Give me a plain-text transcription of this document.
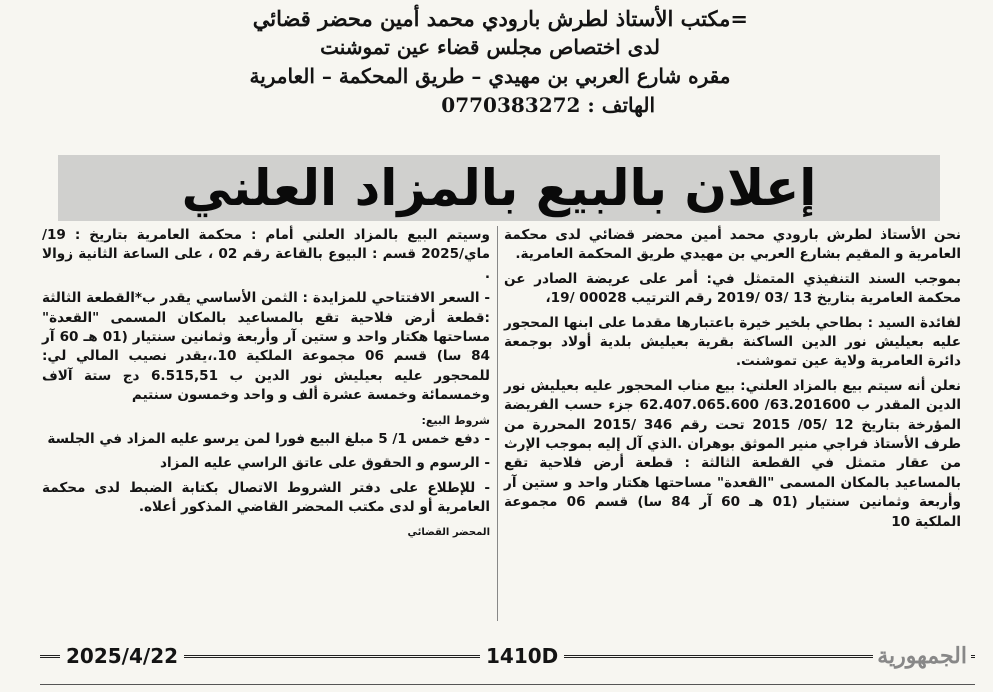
=مكتب الأستاذ لطرش بارودي محمد أمين محضر قضائي
لدى اختصاص مجلس قضاء عين تموشنت
مقره شارع العربي بن مهيدي – طريق المحكمة – العامرية
الهاتف : 0770383272
إعلان بالبيع بالمزاد العلني

نحن الأستاذ لطرش بارودي محمد أمين محضر قضائي لدى محكمة العامرية و المقيم بشارع العربي بن مهيدي طريق المحكمة العامرية.

بموجب السند التنفيذي المتمثل في: أمر على عريضة الصادر عن محكمة العامرية بتاريخ 13 /03 /2019 رقم الترتيب 00028 /19،

لفائدة السيد : بطاحي بلخير خيرة باعتبارها مقدما على ابنها المحجور عليه بعيليش نور الدين الساكنة بقرية بعيليش بلدية أولاد بوجمعة دائرة العامرية ولاية عين تموشنت.

نعلن أنه سيتم بيع بالمزاد العلني: بيع مناب المحجور عليه بعيليش نور الدين المقدر ب 63.201600/ 62.407.065.600 جزء حسب الفريضة المؤرخة بتاريخ 12 /05/ 2015 تحت رقم 346 /2015 المحررة من طرف الأستاذ فراجي منير الموثق بوهران .الذي آل إليه بموجب الإرث من عقار متمثل في القطعة الثالثة : قطعة أرض فلاحية تقع بالمساعيد بالمكان المسمى "القعدة" مساحتها هكتار واحد و ستين آر وأربعة وثمانين سنتيار (01 هـ 60 آر 84 سا) قسم 06 مجموعة الملكية 10

وسيتم البيع بالمزاد العلني أمام : محكمة العامرية بتاريخ : 19/ماي/2025 قسم : البيوع بالقاعة رقم 02 ، على الساعة الثانية زوالا .

- السعر الافتتاحي للمزايدة : الثمن الأساسي يقدر ب*القطعة الثالثة :قطعة أرض فلاحية تقع بالمساعيد بالمكان المسمى "القعدة" مساحتها هكتار واحد و ستين آر وأربعة وثمانين سنتيار (01 هـ 60 آر 84 سا) قسم 06 مجموعة الملكية 10.،يقدر نصيب المالي لي: للمحجور عليه بعيليش نور الدين ب 6.515,51 دج ستة آلاف وخمسمائة وخمسة عشرة ألف و واحد وخمسون سنتيم

شروط البيع:

- دفع خمس 1/ 5 مبلغ البيع فورا لمن يرسو عليه المزاد في الجلسة

- الرسوم و الحقوق على عاتق الراسي عليه المزاد

- للإطلاع على دفتر الشروط الاتصال بكتابة الضبط لدى محكمة العامرية أو لدى مكتب المحضر القاضي المذكور أعلاه.

المحضر القضائي

2025/4/22	1410D	الجمهورية
